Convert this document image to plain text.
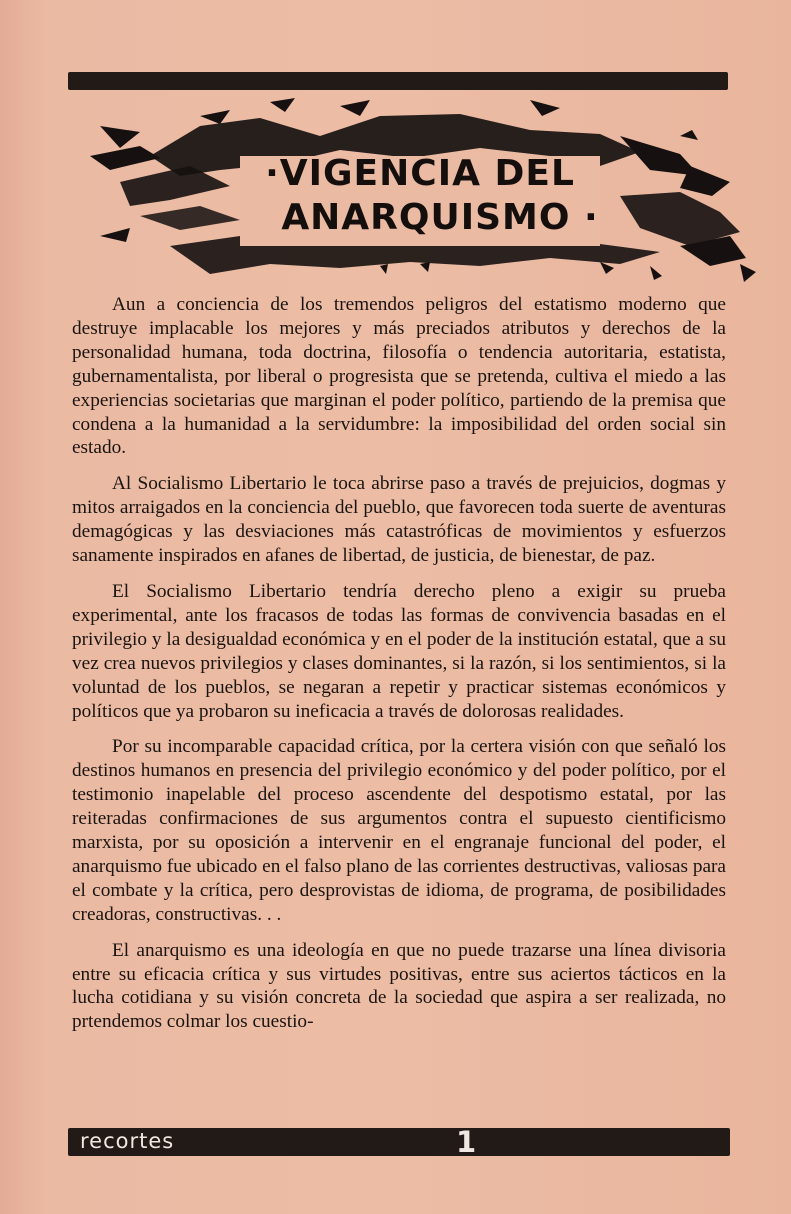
·VIGENCIA DEL
ANARQUISMO ·

Aun a conciencia de los tremendos peligros del estatismo moderno que destruye implacable los mejores y más preciados atributos y derechos de la personalidad humana, toda doctrina, filosofía o tendencia autoritaria, estatista, gubernamentalista, por liberal o progresista que se pretenda, cultiva el miedo a las experiencias societarias que marginan el poder político, partiendo de la premisa que condena a la humanidad a la servidumbre: la imposibilidad del orden social sin estado.

Al Socialismo Libertario le toca abrirse paso a través de prejuicios, dogmas y mitos arraigados en la conciencia del pueblo, que favorecen toda suerte de aventuras demagógicas y las desviaciones más catastróficas de movimientos y esfuerzos sanamente inspirados en afanes de libertad, de justicia, de bienestar, de paz.

El Socialismo Libertario tendría derecho pleno a exigir su prueba experimental, ante los fracasos de todas las formas de convivencia basadas en el privilegio y la desigualdad económica y en el poder de la institución estatal, que a su vez crea nuevos privilegios y clases dominantes, si la razón, si los sentimientos, si la voluntad de los pueblos, se negaran a repetir y practicar sistemas económicos y políticos que ya probaron su ineficacia a través de dolorosas realidades.

Por su incomparable capacidad crítica, por la certera visión con que señaló los destinos humanos en presencia del privilegio económico y del poder político, por el testimonio inapelable del proceso ascendente del despotismo estatal, por las reiteradas confirmaciones de sus argumentos contra el supuesto cientificismo marxista, por su oposición a intervenir en el engranaje funcional del poder, el anarquismo fue ubicado en el falso plano de las corrientes destructivas, valiosas para el combate y la crítica, pero desprovistas de idioma, de programa, de posibilidades creadoras, constructivas. . .

El anarquismo es una ideología en que no puede trazarse una línea divisoria entre su eficacia crítica y sus virtudes positivas, entre sus aciertos tácticos en la lucha cotidiana y su visión concreta de la sociedad que aspira a ser realizada, no prtendemos colmar los cuestio-

recortes	1
